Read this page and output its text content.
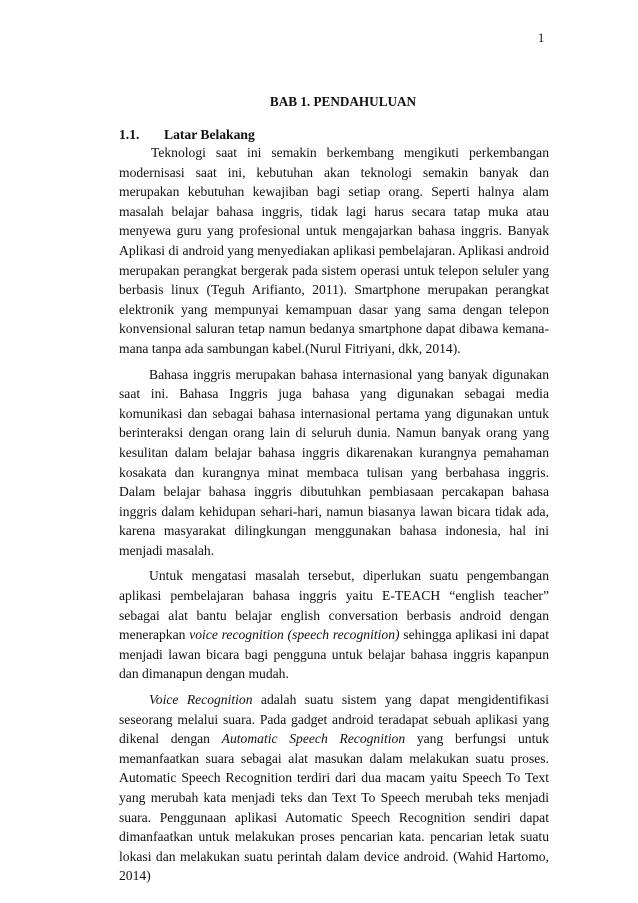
1
BAB 1. PENDAHULUAN
1.1. Latar Belakang

Teknologi saat ini semakin berkembang mengikuti perkembangan modernisasi saat ini, kebutuhan akan teknologi semakin banyak dan merupakan kebutuhan kewajiban bagi setiap orang. Seperti halnya alam masalah belajar bahasa inggris, tidak lagi harus secara tatap muka atau menyewa guru yang profesional untuk mengajarkan bahasa inggris. Banyak Aplikasi di android yang menyediakan aplikasi pembelajaran. Aplikasi android merupakan perangkat bergerak pada sistem operasi untuk telepon seluler yang berbasis linux (Teguh Arifianto, 2011). Smartphone merupakan perangkat elektronik yang mempunyai kemampuan dasar yang sama dengan telepon konvensional saluran tetap namun bedanya smartphone dapat dibawa kemana-mana tanpa ada sambungan kabel.(Nurul Fitriyani, dkk, 2014).

Bahasa inggris merupakan bahasa internasional yang banyak digunakan saat ini. Bahasa Inggris juga bahasa yang digunakan sebagai media komunikasi dan sebagai bahasa internasional pertama yang digunakan untuk berinteraksi dengan orang lain di seluruh dunia. Namun banyak orang yang kesulitan dalam belajar bahasa inggris dikarenakan kurangnya pemahaman kosakata dan kurangnya minat membaca tulisan yang berbahasa inggris. Dalam belajar bahasa inggris dibutuhkan pembiasaan percakapan bahasa inggris dalam kehidupan sehari-hari, namun biasanya lawan bicara tidak ada, karena masyarakat dilingkungan menggunakan bahasa indonesia, hal ini menjadi masalah.

Untuk mengatasi masalah tersebut, diperlukan suatu pengembangan aplikasi pembelajaran bahasa inggris yaitu E-TEACH “english teacher” sebagai alat bantu belajar english conversation berbasis android dengan menerapkan voice recognition (speech recognition) sehingga aplikasi ini dapat menjadi lawan bicara bagi pengguna untuk belajar bahasa inggris kapanpun dan dimanapun dengan mudah.

Voice Recognition adalah suatu sistem yang dapat mengidentifikasi seseorang melalui suara. Pada gadget android teradapat sebuah aplikasi yang dikenal dengan Automatic Speech Recognition yang berfungsi untuk memanfaatkan suara sebagai alat masukan dalam melakukan suatu proses. Automatic Speech Recognition terdiri dari dua macam yaitu Speech To Text yang merubah kata menjadi teks dan Text To Speech merubah teks menjadi suara. Penggunaan aplikasi Automatic Speech Recognition sendiri dapat dimanfaatkan untuk melakukan proses pencarian kata. pencarian letak suatu lokasi dan melakukan suatu perintah dalam device android. (Wahid Hartomo, 2014)
